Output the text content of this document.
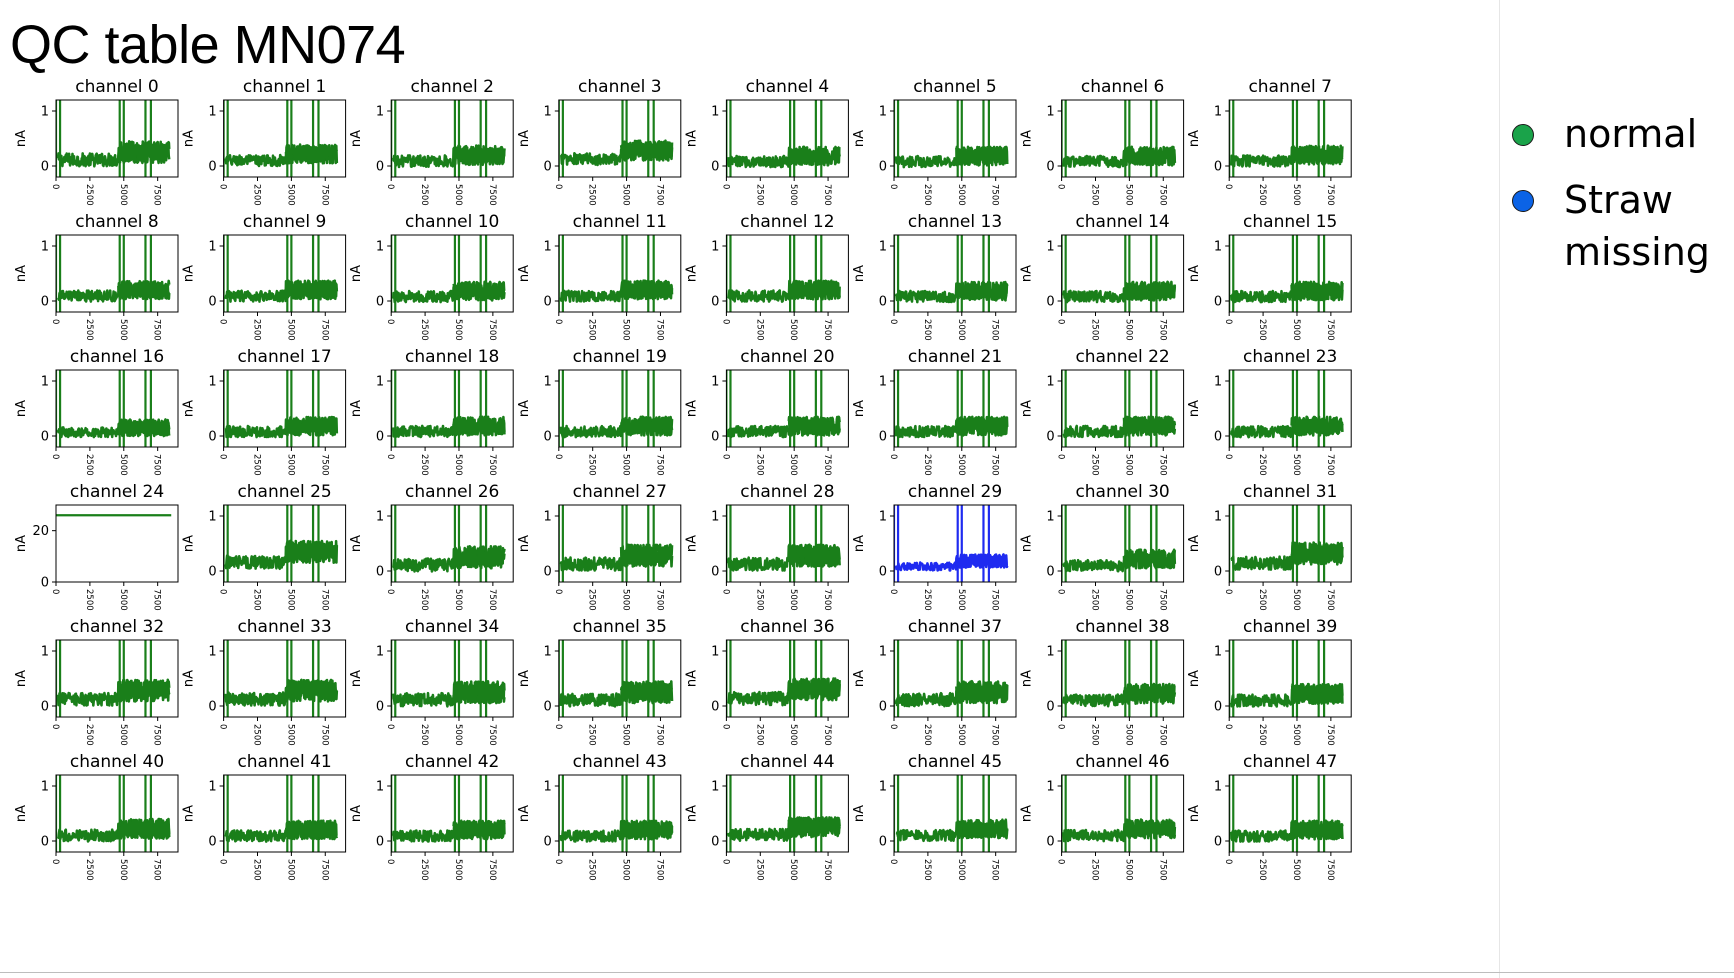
QC table MN074
channel 0
nA
0
1
0	2500	5000	7500
channel 1
nA
0
1
0	2500	5000	7500
channel 2
nA
0
1
0	2500	5000	7500
channel 3
nA
0
1
0	2500	5000	7500
channel 4
nA
0
1
0	2500	5000	7500
channel 5
nA
0
1
0	2500	5000	7500
channel 6
nA
0
1
0	2500	5000	7500
channel 7
nA
0
1
0	2500	5000	7500
channel 8
nA
0
1
0	2500	5000	7500
channel 9
nA
0
1
0	2500	5000	7500
channel 10
nA
0
1
0	2500	5000	7500
channel 11
nA
0
1
0	2500	5000	7500
channel 12
nA
0
1
0	2500	5000	7500
channel 13
nA
0
1
0	2500	5000	7500
channel 14
nA
0
1
0	2500	5000	7500
channel 15
nA
0
1
0	2500	5000	7500
channel 16
nA
0
1
0	2500	5000	7500
channel 17
nA
0
1
0	2500	5000	7500
channel 18
nA
0
1
0	2500	5000	7500
channel 19
nA
0
1
0	2500	5000	7500
channel 20
nA
0
1
0	2500	5000	7500
channel 21
nA
0
1
0	2500	5000	7500
channel 22
nA
0
1
0	2500	5000	7500
channel 23
nA
0
1
0	2500	5000	7500
channel 24
nA
0
20
0	2500	5000	7500
channel 25
nA
0
1
0	2500	5000	7500
channel 26
nA
0
1
0	2500	5000	7500
channel 27
nA
0
1
0	2500	5000	7500
channel 28
nA
0
1
0	2500	5000	7500
channel 29
nA
0
1
0	2500	5000	7500
channel 30
nA
0
1
0	2500	5000	7500
channel 31
nA
0
1
0	2500	5000	7500
channel 32
nA
0
1
0	2500	5000	7500
channel 33
nA
0
1
0	2500	5000	7500
channel 34
nA
0
1
0	2500	5000	7500
channel 35
nA
0
1
0	2500	5000	7500
channel 36
nA
0
1
0	2500	5000	7500
channel 37
nA
0
1
0	2500	5000	7500
channel 38
nA
0
1
0	2500	5000	7500
channel 39
nA
0
1
0	2500	5000	7500
channel 40
nA
0
1
0	2500	5000	7500
channel 41
nA
0
1
0	2500	5000	7500
channel 42
nA
0
1
0	2500	5000	7500
channel 43
nA
0
1
0	2500	5000	7500
channel 44
nA
0
1
0	2500	5000	7500
channel 45
nA
0
1
0	2500	5000	7500
channel 46
nA
0
1
0	2500	5000	7500
channel 47
nA
0
1
0	2500	5000	7500
normal
Straw missing
